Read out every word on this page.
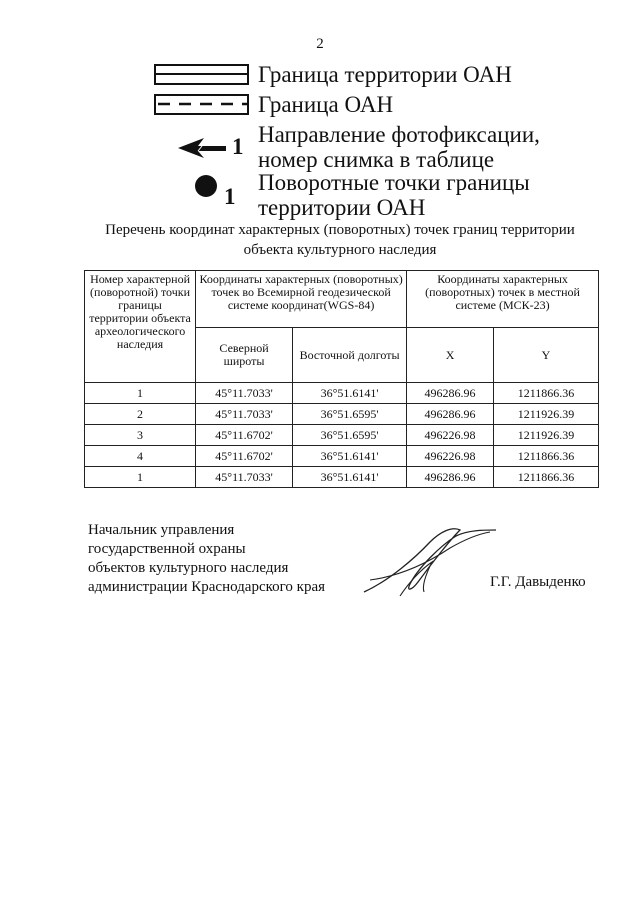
2
Граница территории ОАН
Граница ОАН
1 Направление фотофиксации,
номер снимка в таблице
1
Поворотные точки границы
территории ОАН
Перечень координат характерных (поворотных) точек границ территории
объекта культурного наследия
Номер характерной (поворотной) точки границы территории объекта археологического наследия	Координаты характерных (поворотных) точек во Всемирной геодезической системе координат(WGS-84)		Координаты характерных (поворотных) точек в местной системе (МСК-23)	
	Северной широты	Восточной долготы	X	Y
1	45°11.7033'	36°51.6141'	496286.96	1211866.36
2	45°11.7033'	36°51.6595'	496286.96	1211926.39
3	45°11.6702'	36°51.6595'	496226.98	1211926.39
4	45°11.6702'	36°51.6141'	496226.98	1211866.36
1	45°11.7033'	36°51.6141'	496286.96	1211866.36
Начальник управления
государственной охраны
объектов культурного наследия
администрации Краснодарского края	Г.Г. Давыденко
